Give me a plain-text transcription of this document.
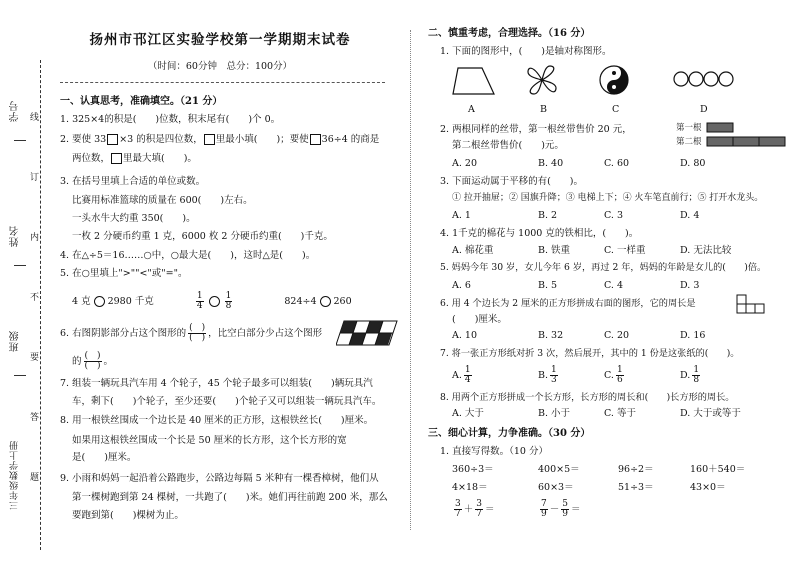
学号
姓名
班级
三年级数学上册
线
订
内
不
要
答
题
扬州市邗江区实验学校第一学期期末试卷
（时间：60分钟　总分：100分）
一、认真思考，准确填空。（21 分）
1. 325×4的积是(　　)位数，积末尾有(　　)个 0。
2. 要使 33 ×3 的积是四位数， 里最小填(　　)；要使 36÷4 的商是
两位数， 里最大填(　　)。
3. 在括号里填上合适的单位或数。
比赛用标准篮球的质量在 600(　　)左右。
一头水牛大约重 350(　　)。
一枚 2 分硬币约重 1 克，6000 枚 2 分硬币约重(　　)千克。
4. 在△÷5＝16……○中，○最大是(　　)，这时△是(　　)。
5. 在○里填上">""<"或"="。
4 克 2980 千克	$\frac{1}{4} \frac{1}{8}$	824÷4 260
6. 右图阴影部分占这个图形的 $\frac{( )}{( )}$ ，比空白部分少占这个图形
的 $\frac{( )}{( )}$ 。
7. 组装一辆玩具汽车用 4 个轮子，45 个轮子最多可以组装(　　)辆玩具汽
车，剩下(　　)个轮子，至少还要(　　)个轮子又可以组装一辆玩具汽车。
8. 用一根铁丝围成一个边长是 40 厘米的正方形，这根铁丝长(　　)厘米。
如果用这根铁丝围成一个长是 50 厘米的长方形，这个长方形的宽
是(　　)厘米。
9. 小雨和妈妈一起沿着公路跑步，公路边每隔 5 米种有一棵香樟树，他们从
第一棵树跑到第 24 棵树，一共跑了(　　)米。她们再往前跑 200 米，那么
要跑到第(　　)棵树为止。
二、慎重考虑，合理选择。（16 分）
1. 下面的图形中，(　　)是轴对称图形。
A	B	C	D
2. 两根同样的丝带，第一根丝带售价 20 元，
第二根丝带售价(　　)元。
第一根
第二根
A. 20	B. 40	C. 60	D. 80
3. 下面运动属于平移的有(　　)。
① 拉开抽屉；② 国旗升降；③ 电梯上下；④ 火车笔直前行；⑤ 打开水龙头。
A. 1	B. 2	C. 3	D. 4
4. 1千克的棉花与 1000 克的铁相比，(　　)。
A. 棉花重	B. 铁重	C. 一样重	D. 无法比较
5. 妈妈今年 30 岁，女儿今年 6 岁，再过 2 年，妈妈的年龄是女儿的(　　)倍。
A. 6	B. 5	C. 4	D. 3
6. 用 4 个边长为 2 厘米的正方形拼成右面的图形，它的周长是
(　　)厘米。
A. 10	B. 32	C. 20	D. 16
7. 将一张正方形纸对折 3 次，然后展开，其中的 1 份是这张纸的(　　)。
A. $\frac{1}{4}$	B. $\frac{1}{3}$	C. $\frac{1}{6}$	D. $\frac{1}{8}$
8. 用两个正方形拼成一个长方形，长方形的周长和(　　)长方形的周长。
A. 大于	B. 小于	C. 等于	D. 大于或等于
三、细心计算，力争准确。（30 分）
1. 直接写得数。（10 分）
360÷3＝	400×5＝	96÷2＝	160＋540＝
4×18＝	60×3＝	51÷3＝	43×0＝
$\frac{3}{7} + \frac{3}{7}$ ＝	$\frac{7}{9} - \frac{5}{9}$ ＝
